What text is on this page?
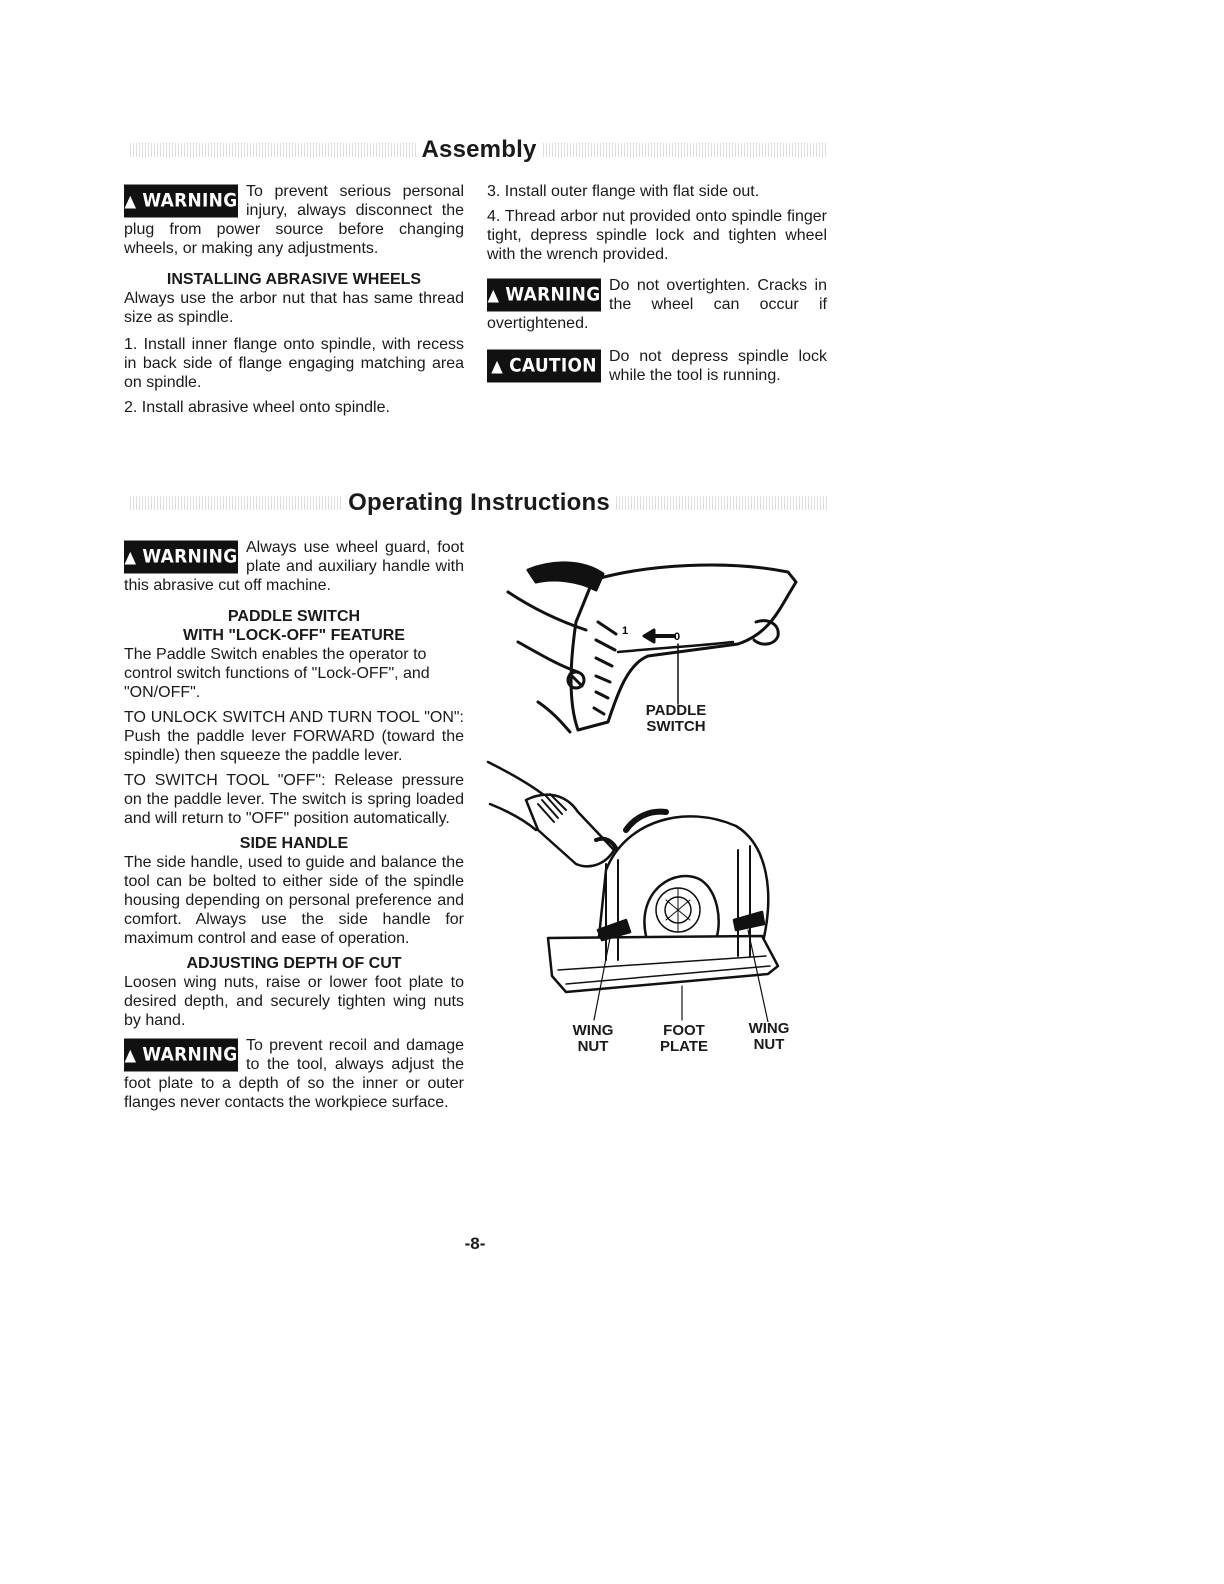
Assembly
▲ WARNING To prevent serious personal injury, always disconnect the plug from power source before changing wheels, or making any adjustments.

INSTALLING ABRASIVE WHEELS

Always use the arbor nut that has same thread size as spindle.

1. Install inner flange onto spindle, with recess in back side of flange engaging matching area on spindle.

2. Install abrasive wheel onto spindle.

3. Install outer flange with flat side out.

4. Thread arbor nut provided onto spindle finger tight, depress spindle lock and tighten wheel with the wrench provided.

▲ WARNING Do not overtighten. Cracks in the wheel can occur if overtightened.

▲ CAUTION Do not depress spindle lock while the tool is running.

Operating Instructions
▲ WARNING Always use wheel guard, foot plate and auxiliary handle with this abrasive cut off machine.

PADDLE SWITCH
WITH "LOCK-OFF" FEATURE

The Paddle Switch enables the operator to control switch functions of "Lock-OFF", and "ON/OFF".

TO UNLOCK SWITCH AND TURN TOOL "ON": Push the paddle lever FORWARD (toward the spindle) then squeeze the paddle lever.

TO SWITCH TOOL "OFF": Release pressure on the paddle lever. The switch is spring loaded and will return to "OFF" position automatically.

SIDE HANDLE

The side handle, used to guide and balance the tool can be bolted to either side of the spindle housing depending on personal preference and comfort. Always use the side handle for maximum control and ease of operation.

ADJUSTING DEPTH OF CUT

Loosen wing nuts, raise or lower foot plate to desired depth, and securely tighten wing nuts by hand.

▲ WARNING To prevent recoil and damage to the tool, always adjust the foot plate to a depth of so the inner or outer flanges never contacts the workpiece surface.

1	0
PADDLE
SWITCH
WING
NUT
FOOT
PLATE
WING
NUT
-8-
